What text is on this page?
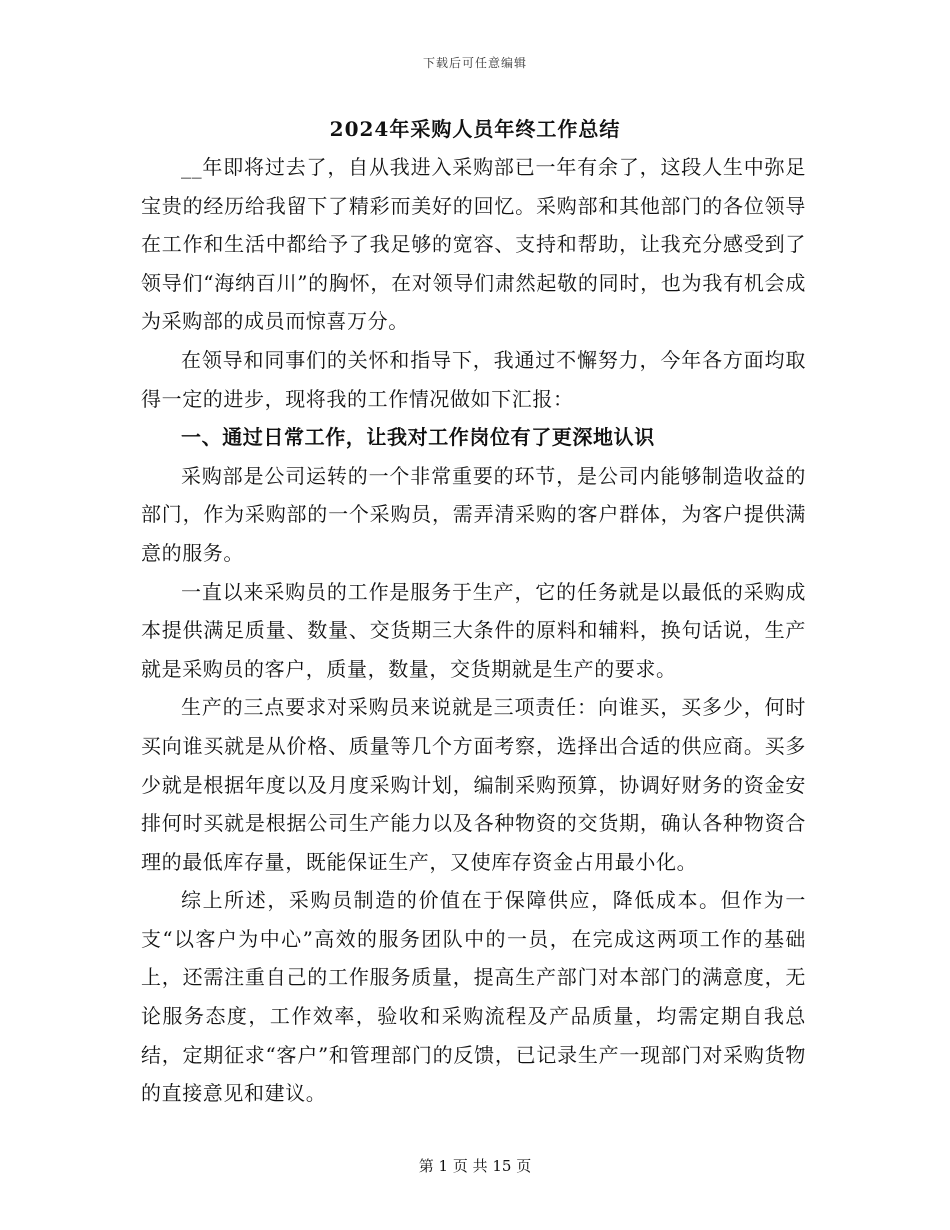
下载后可任意编辑
2024年采购人员年终工作总结

__年即将过去了，自从我进入采购部已一年有余了，这段人生中弥足宝贵的经历给我留下了精彩而美好的回忆。采购部和其他部门的各位领导在工作和生活中都给予了我足够的宽容、支持和帮助，让我充分感受到了领导们“海纳百川”的胸怀，在对领导们肃然起敬的同时，也为我有机会成为采购部的成员而惊喜万分。

在领导和同事们的关怀和指导下，我通过不懈努力，今年各方面均取得一定的进步，现将我的工作情况做如下汇报：

一、通过日常工作，让我对工作岗位有了更深地认识

采购部是公司运转的一个非常重要的环节，是公司内能够制造收益的部门，作为采购部的一个采购员，需弄清采购的客户群体，为客户提供满意的服务。

一直以来采购员的工作是服务于生产，它的任务就是以最低的采购成本提供满足质量、数量、交货期三大条件的原料和辅料，换句话说，生产就是采购员的客户，质量，数量，交货期就是生产的要求。

生产的三点要求对采购员来说就是三项责任：向谁买，买多少，何时买向谁买就是从价格、质量等几个方面考察，选择出合适的供应商。买多少就是根据年度以及月度采购计划，编制采购预算，协调好财务的资金安排何时买就是根据公司生产能力以及各种物资的交货期，确认各种物资合理的最低库存量，既能保证生产，又使库存资金占用最小化。

综上所述，采购员制造的价值在于保障供应，降低成本。但作为一支“以客户为中心”高效的服务团队中的一员，在完成这两项工作的基础上，还需注重自己的工作服务质量，提高生产部门对本部门的满意度，无论服务态度，工作效率，验收和采购流程及产品质量，均需定期自我总结，定期征求“客户”和管理部门的反馈，已记录生产一现部门对采购货物的直接意见和建议。

第 1 页 共 15 页
